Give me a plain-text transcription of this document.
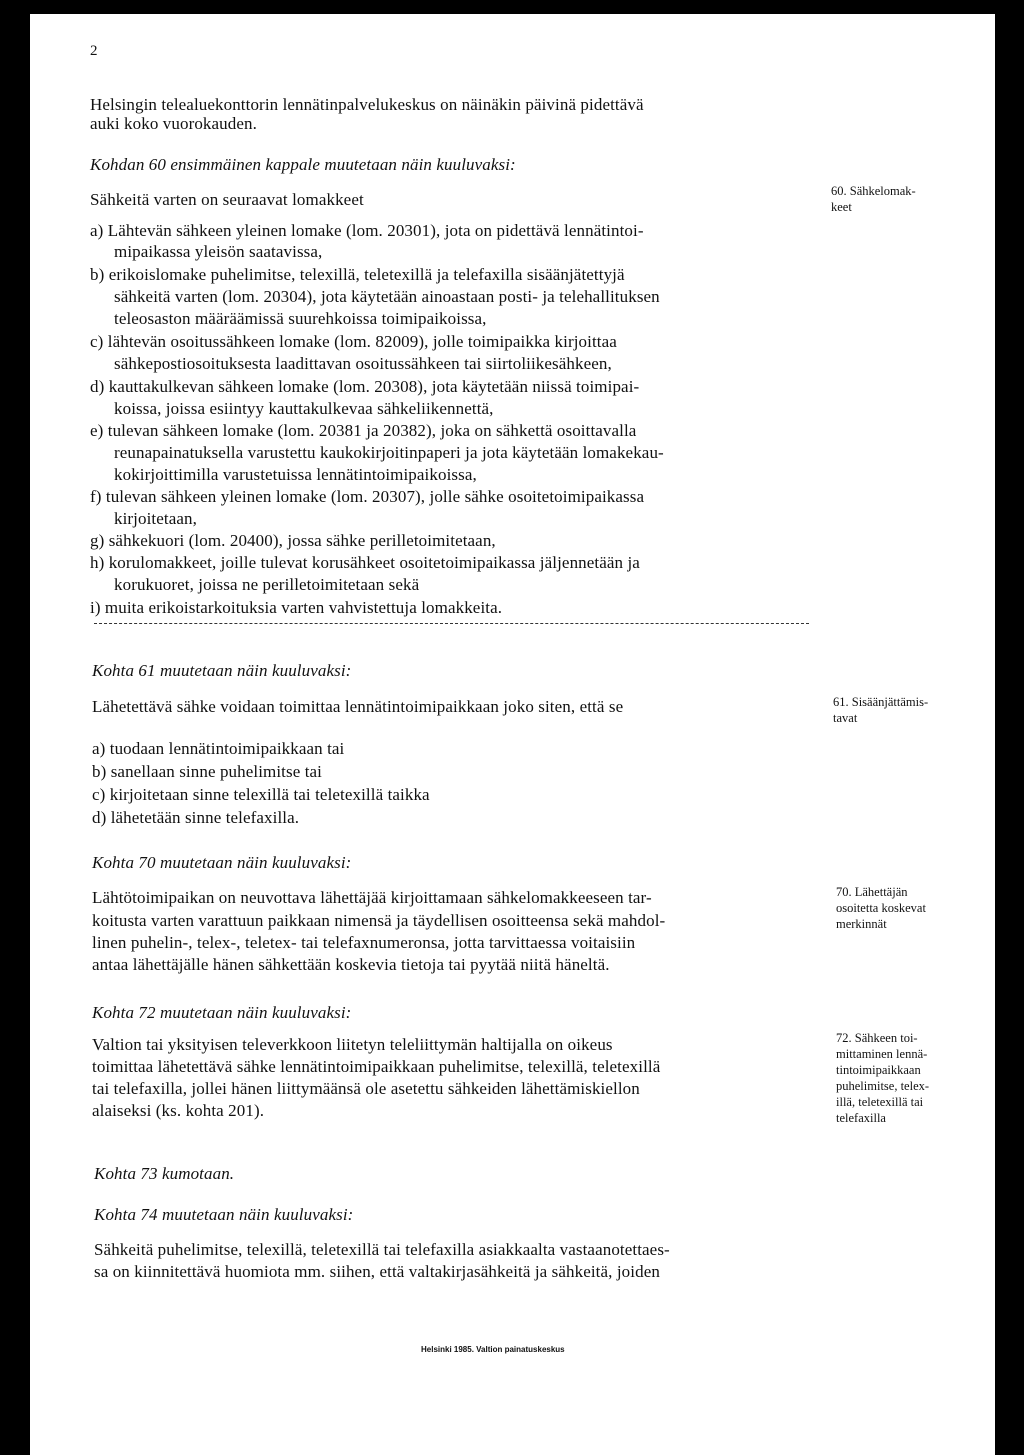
2
Helsingin telealuekonttorin lennätinpalvelukeskus on näinäkin päivinä pidettävä
auki koko vuorokauden.
Kohdan 60 ensimmäinen kappale muutetaan näin kuuluvaksi:
Sähkeitä varten on seuraavat lomakkeet
a) Lähtevän sähkeen yleinen lomake (lom. 20301), jota on pidettävä lennätintoi-
mipaikassa yleisön saatavissa,
b) erikoislomake puhelimitse, telexillä, teletexillä ja telefaxilla sisäänjätettyjä
sähkeitä varten (lom. 20304), jota käytetään ainoastaan posti- ja telehallituksen
teleosaston määräämissä suurehkoissa toimipaikoissa,
c) lähtevän osoitussähkeen lomake (lom. 82009), jolle toimipaikka kirjoittaa
sähkepostiosoituksesta laadittavan osoitussähkeen tai siirtoliikesähkeen,
d) kauttakulkevan sähkeen lomake (lom. 20308), jota käytetään niissä toimipai-
koissa, joissa esiintyy kauttakulkevaa sähkeliikennettä,
e) tulevan sähkeen lomake (lom. 20381 ja 20382), joka on sähkettä osoittavalla
reunapainatuksella varustettu kaukokirjoitinpaperi ja jota käytetään lomakekau-
kokirjoittimilla varustetuissa lennätintoimipaikoissa,
f) tulevan sähkeen yleinen lomake (lom. 20307), jolle sähke osoitetoimipaikassa
kirjoitetaan,
g) sähkekuori (lom. 20400), jossa sähke perilletoimitetaan,
h) korulomakkeet, joille tulevat korusähkeet osoitetoimipaikassa jäljennetään ja
korukuoret, joissa ne perilletoimitetaan sekä
i) muita erikoistarkoituksia varten vahvistettuja lomakkeita.
60. Sähkelomak-
keet
Kohta 61 muutetaan näin kuuluvaksi:
Lähetettävä sähke voidaan toimittaa lennätintoimipaikkaan joko siten, että se
a) tuodaan lennätintoimipaikkaan tai
b) sanellaan sinne puhelimitse tai
c) kirjoitetaan sinne telexillä tai teletexillä taikka
d) lähetetään sinne telefaxilla.
61. Sisäänjättämis-
tavat
Kohta 70 muutetaan näin kuuluvaksi:
Lähtötoimipaikan on neuvottava lähettäjää kirjoittamaan sähkelomakkeeseen tar-
koitusta varten varattuun paikkaan nimensä ja täydellisen osoitteensa sekä mahdol-
linen puhelin-, telex-, teletex- tai telefaxnumeronsa, jotta tarvittaessa voitaisiin
antaa lähettäjälle hänen sähkettään koskevia tietoja tai pyytää niitä häneltä.
70. Lähettäjän
osoitetta koskevat
merkinnät
Kohta 72 muutetaan näin kuuluvaksi:
Valtion tai yksityisen televerkkoon liitetyn teleliittymän haltijalla on oikeus
toimittaa lähetettävä sähke lennätintoimipaikkaan puhelimitse, telexillä, teletexillä
tai telefaxilla, jollei hänen liittymäänsä ole asetettu sähkeiden lähettämiskiellon
alaiseksi (ks. kohta 201).
72. Sähkeen toi-
mittaminen lennä-
tintoimipaikkaan
puhelimitse, telex-
illä, teletexillä tai
telefaxilla
Kohta 73 kumotaan.
Kohta 74 muutetaan näin kuuluvaksi:
Sähkeitä puhelimitse, telexillä, teletexillä tai telefaxilla asiakkaalta vastaanotettaes-
sa on kiinnitettävä huomiota mm. siihen, että valtakirjasähkeitä ja sähkeitä, joiden
Helsinki 1985. Valtion painatuskeskus
